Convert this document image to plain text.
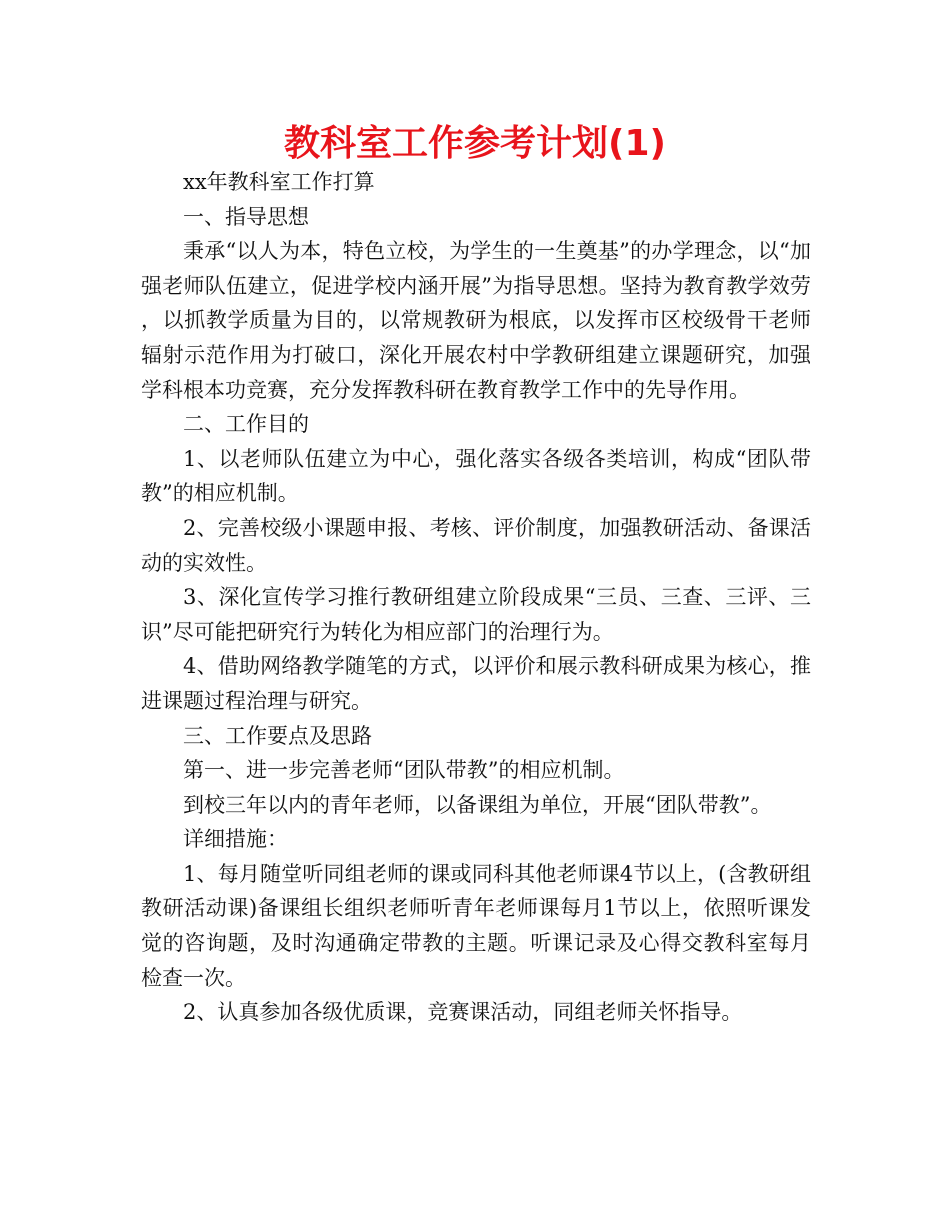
教科室工作参考计划(1)

xx年教科室工作打算

一、指导思想

秉承“以人为本，特色立校，为学生的一生奠基”的办学理念，以“加强老师队伍建立，促进学校内涵开展”为指导思想。坚持为教育教学效劳，以抓教学质量为目的，以常规教研为根底，以发挥市区校级骨干老师辐射示范作用为打破口，深化开展农村中学教研组建立课题研究，加强学科根本功竞赛，充分发挥教科研在教育教学工作中的先导作用。

二、工作目的

1、以老师队伍建立为中心，强化落实各级各类培训，构成“团队带教”的相应机制。

2、完善校级小课题申报、考核、评价制度，加强教研活动、备课活动的实效性。

3、深化宣传学习推行教研组建立阶段成果“三员、三查、三评、三识”尽可能把研究行为转化为相应部门的治理行为。

4、借助网络教学随笔的方式，以评价和展示教科研成果为核心，推进课题过程治理与研究。

三、工作要点及思路

第一、进一步完善老师“团队带教”的相应机制。

到校三年以内的青年老师，以备课组为单位，开展“团队带教”。

详细措施：

1、每月随堂听同组老师的课或同科其他老师课4节以上，(含教研组教研活动课)备课组长组织老师听青年老师课每月1节以上，依照听课发觉的咨询题，及时沟通确定带教的主题。听课记录及心得交教科室每月检查一次。

2、认真参加各级优质课，竞赛课活动，同组老师关怀指导。
